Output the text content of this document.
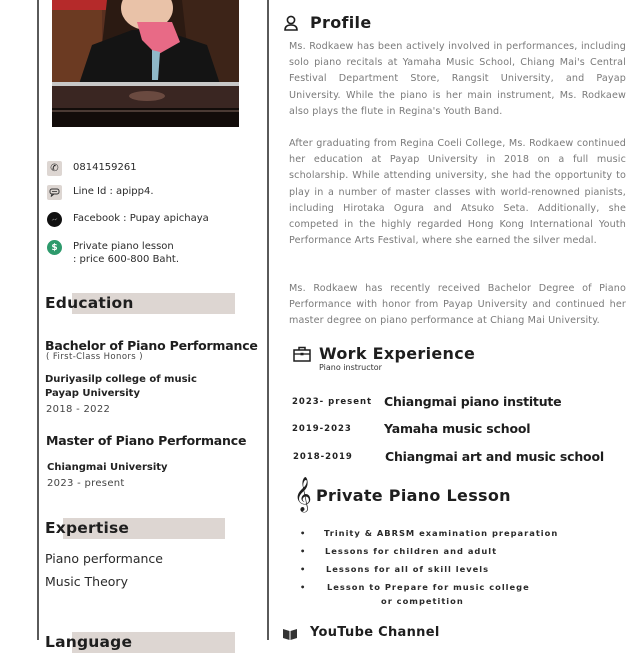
✆	0814159261
Line Id : apipp4.
Facebook : Pupay apichaya
$	Private piano lesson
: price 600-800 Baht.
Education
Bachelor of Piano Performance
( First-Class Honors )
Duriyasilp college of music
Payap University
2018 - 2022
Master of Piano Performance
Chiangmai University
2023 - present
Expertise
Piano performance
Music Theory
Language
Profile

Ms. Rodkaew has been actively involved in performances, including solo piano recitals at Yamaha Music School, Chiang Mai's Central Festival Department Store, Rangsit University, and Payap University. While the piano is her main instrument, Ms. Rodkaew also plays the flute in Regina's Youth Band.

After graduating from Regina Coeli College, Ms. Rodkaew continued her education at Payap University in 2018 on a full music scholarship. While attending university, she had the opportunity to play in a number of master classes with world-renowned pianists, including Hirotaka Ogura and Atsuko Seta. Additionally, she competed in the highly regarded Hong Kong International Youth Performance Arts Festival, where she earned the silver medal.

Ms. Rodkaew has recently received Bachelor Degree of Piano Performance with honor from Payap University and continued her master degree on piano performance at Chiang Mai University.

Work Experience
Piano instructor
2023- present Chiangmai piano institute
2019-2023	Yamaha music school
2018-2019	Chiangmai art and music school
𝄞 Private Piano Lesson
• Trinity & ABRSM examination preparation
• Lessons for children and adult
• Lessons for all of skill levels
• Lesson to Prepare for music college
or competition
YouTube Channel
